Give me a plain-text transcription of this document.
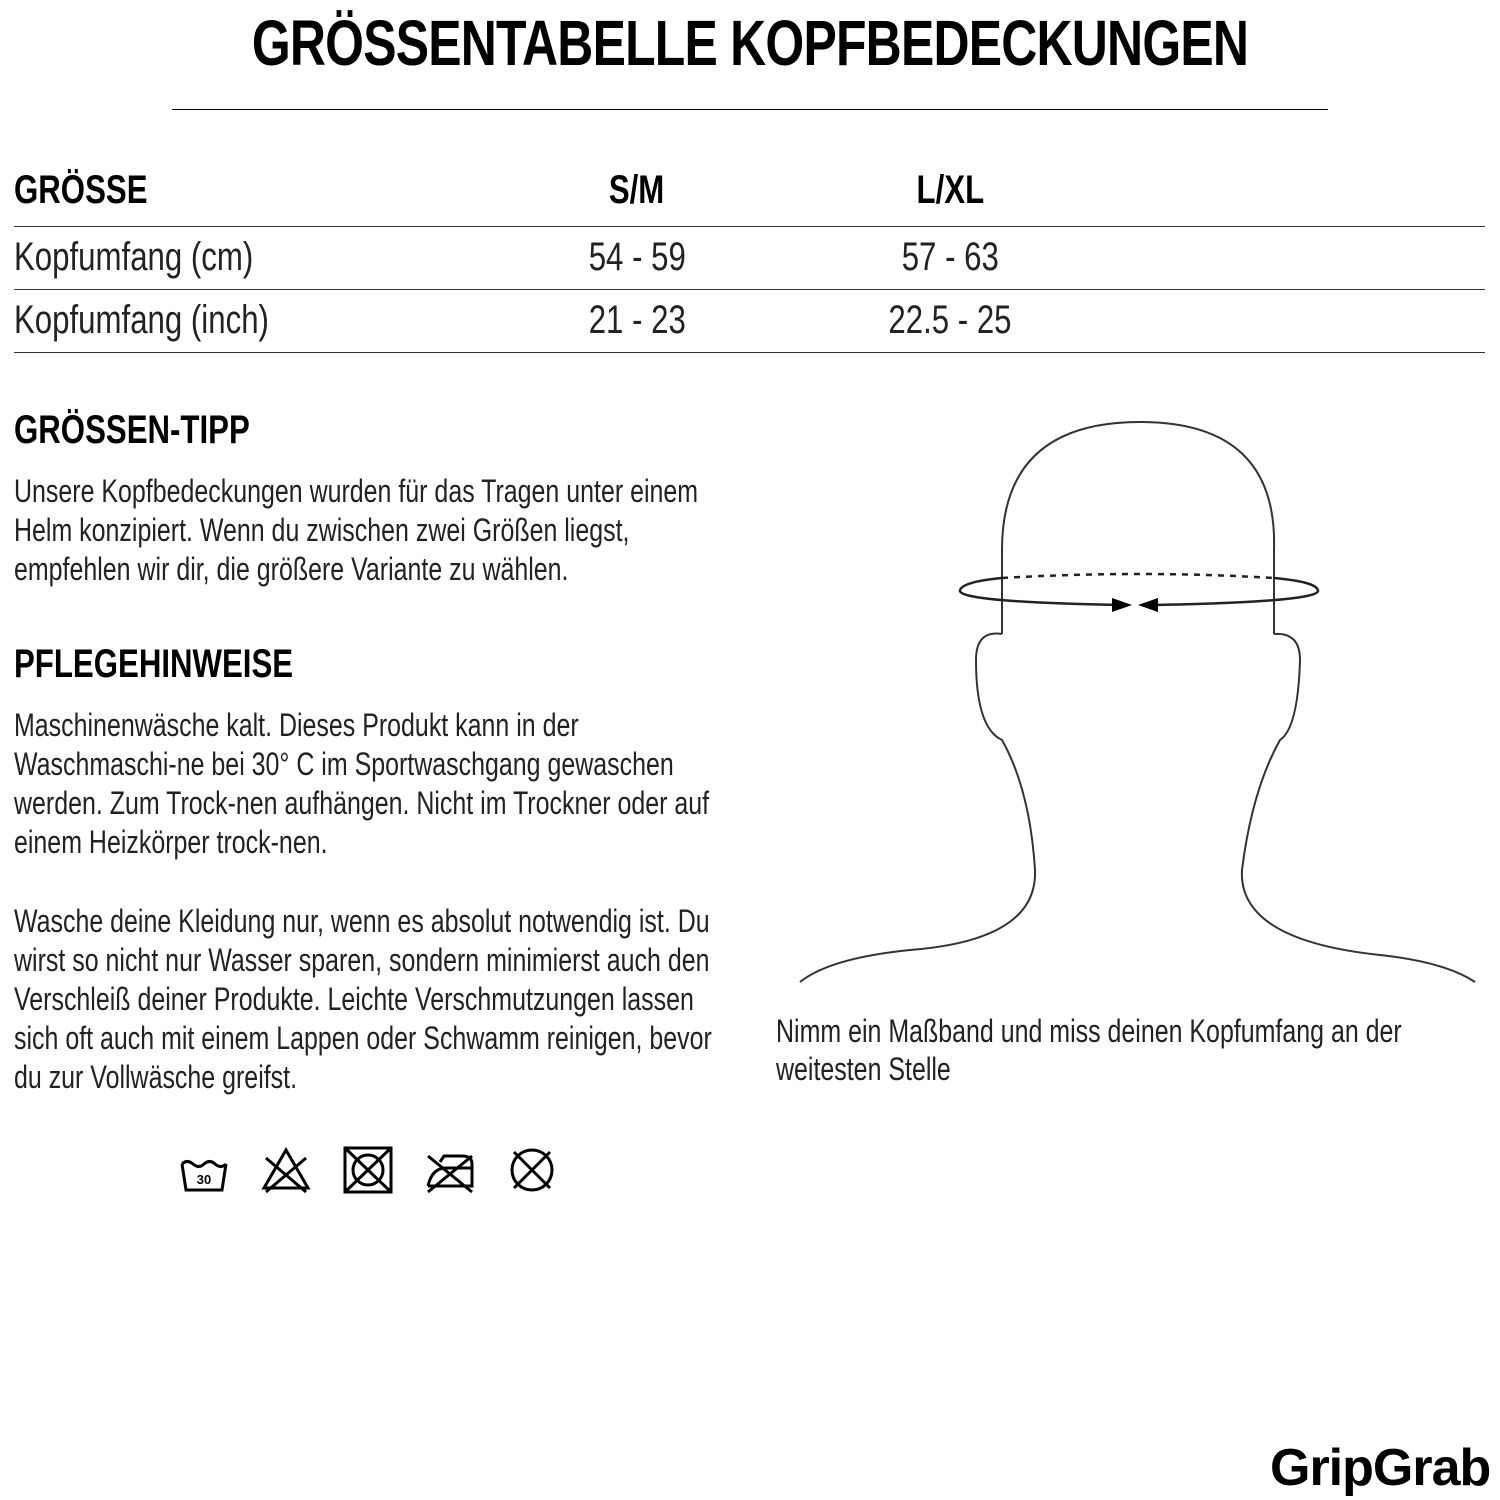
GRÖSSENTABELLE KOPFBEDECKUNGEN
GRÖSSE	S/M	L/XL
Kopfumfang (cm)	54 - 59	57 - 63
Kopfumfang (inch)	21 - 23	22.5 - 25
GRÖSSEN-TIPP
Unsere Kopfbedeckungen wurden für das Tragen unter einem Helm konzipiert. Wenn du zwischen zwei Größen liegst, empfehlen wir dir, die größere Variante zu wählen.
PFLEGEHINWEISE
Maschinenwäsche kalt. Dieses Produkt kann in der Waschmaschi-ne bei 30° C im Sportwaschgang gewaschen werden. Zum Trock-nen aufhängen. Nicht im Trockner oder auf einem Heizkörper trock-nen.
Wasche deine Kleidung nur, wenn es absolut notwendig ist. Du wirst so nicht nur Wasser sparen, sondern minimierst auch den Verschleiß deiner Produkte. Leichte Verschmutzungen lassen sich oft auch mit einem Lappen oder Schwamm reinigen, bevor du zur Vollwäsche greifst.
30
Nimm ein Maßband und miss deinen Kopfumfang an der weitesten Stelle
GripGrab
